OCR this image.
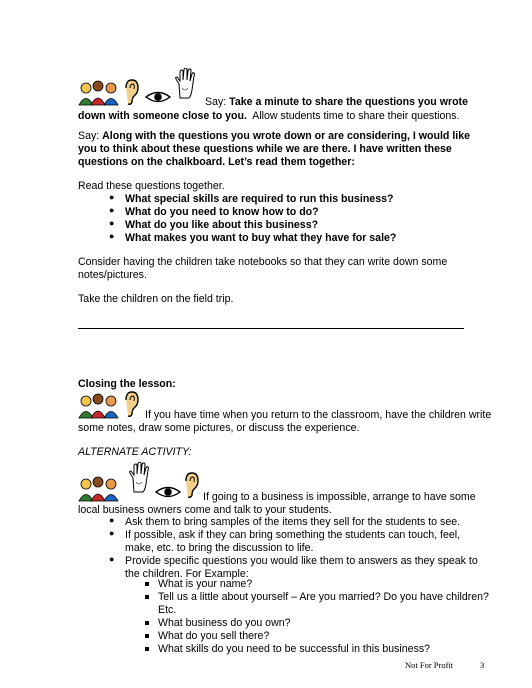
Say: Take a minute to share the questions you wrote
down with someone close to you. Allow students time to share their questions.
Say: Along with the questions you wrote down or are considering, I would like
you to think about these questions while we are there. I have written these
questions on the chalkboard. Let’s read them together:
Read these questions together.
● What special skills are required to run this business?
● What do you need to know how to do?
● What do you like about this business?
● What makes you want to buy what they have for sale?
Consider having the children take notebooks so that they can write down some
notes/pictures.
Take the children on the field trip.
Closing the lesson:
If you have time when you return to the classroom, have the children write
some notes, draw some pictures, or discuss the experience.
ALTERNATE ACTIVITY:
If going to a business is impossible, arrange to have some
local business owners come and talk to your students.
● Ask them to bring samples of the items they sell for the students to see.
● If possible, ask if they can bring something the students can touch, feel,
make, etc. to bring the discussion to life.
● Provide specific questions you would like them to answers as they speak to
the children. For Example:
What is your name?
Tell us a little about yourself – Are you married? Do you have children?
Etc.
What business do you own?
What do you sell there?
What skills do you need to be successful in this business?
Not For Profit	3
